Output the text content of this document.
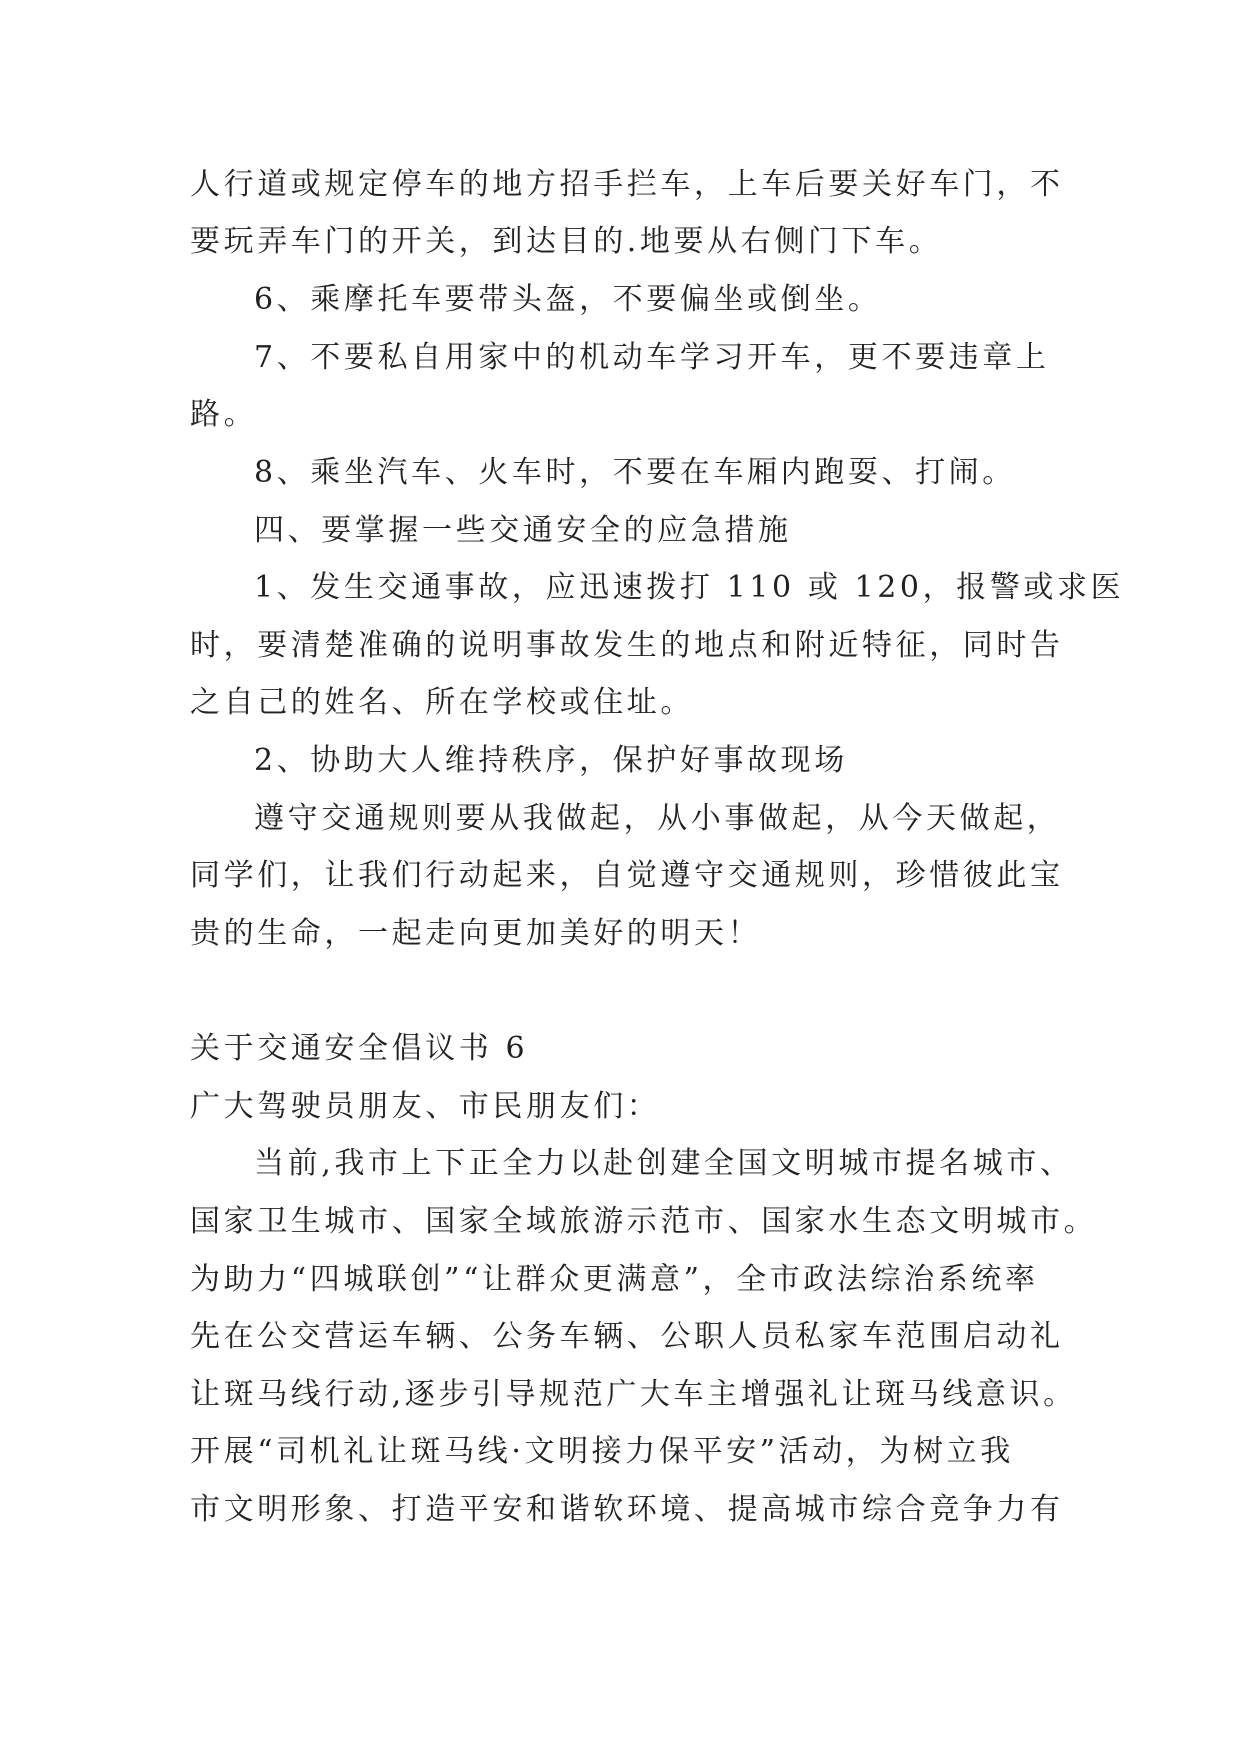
人行道或规定停车的地方招手拦车，上车后要关好车门，不
要玩弄车门的开关，到达目的.地要从右侧门下车。
6、乘摩托车要带头盔，不要偏坐或倒坐。
7、不要私自用家中的机动车学习开车，更不要违章上
路。
8、乘坐汽车、火车时，不要在车厢内跑耍、打闹。
四、要掌握一些交通安全的应急措施
1、发生交通事故，应迅速拨打 110 或 120，报警或求医
时，要清楚准确的说明事故发生的地点和附近特征，同时告
之自己的姓名、所在学校或住址。
2、协助大人维持秩序，保护好事故现场
遵守交通规则要从我做起，从小事做起，从今天做起，
同学们，让我们行动起来，自觉遵守交通规则，珍惜彼此宝
贵的生命，一起走向更加美好的明天！
关于交通安全倡议书 6
广大驾驶员朋友、市民朋友们：
当前,我市上下正全力以赴创建全国文明城市提名城市、
国家卫生城市、国家全域旅游示范市、国家水生态文明城市。
为助力“四城联创”“让群众更满意”，全市政法综治系统率
先在公交营运车辆、公务车辆、公职人员私家车范围启动礼
让斑马线行动,逐步引导规范广大车主增强礼让斑马线意识。
开展“司机礼让斑马线·文明接力保平安”活动，为树立我
市文明形象、打造平安和谐软环境、提高城市综合竞争力有
